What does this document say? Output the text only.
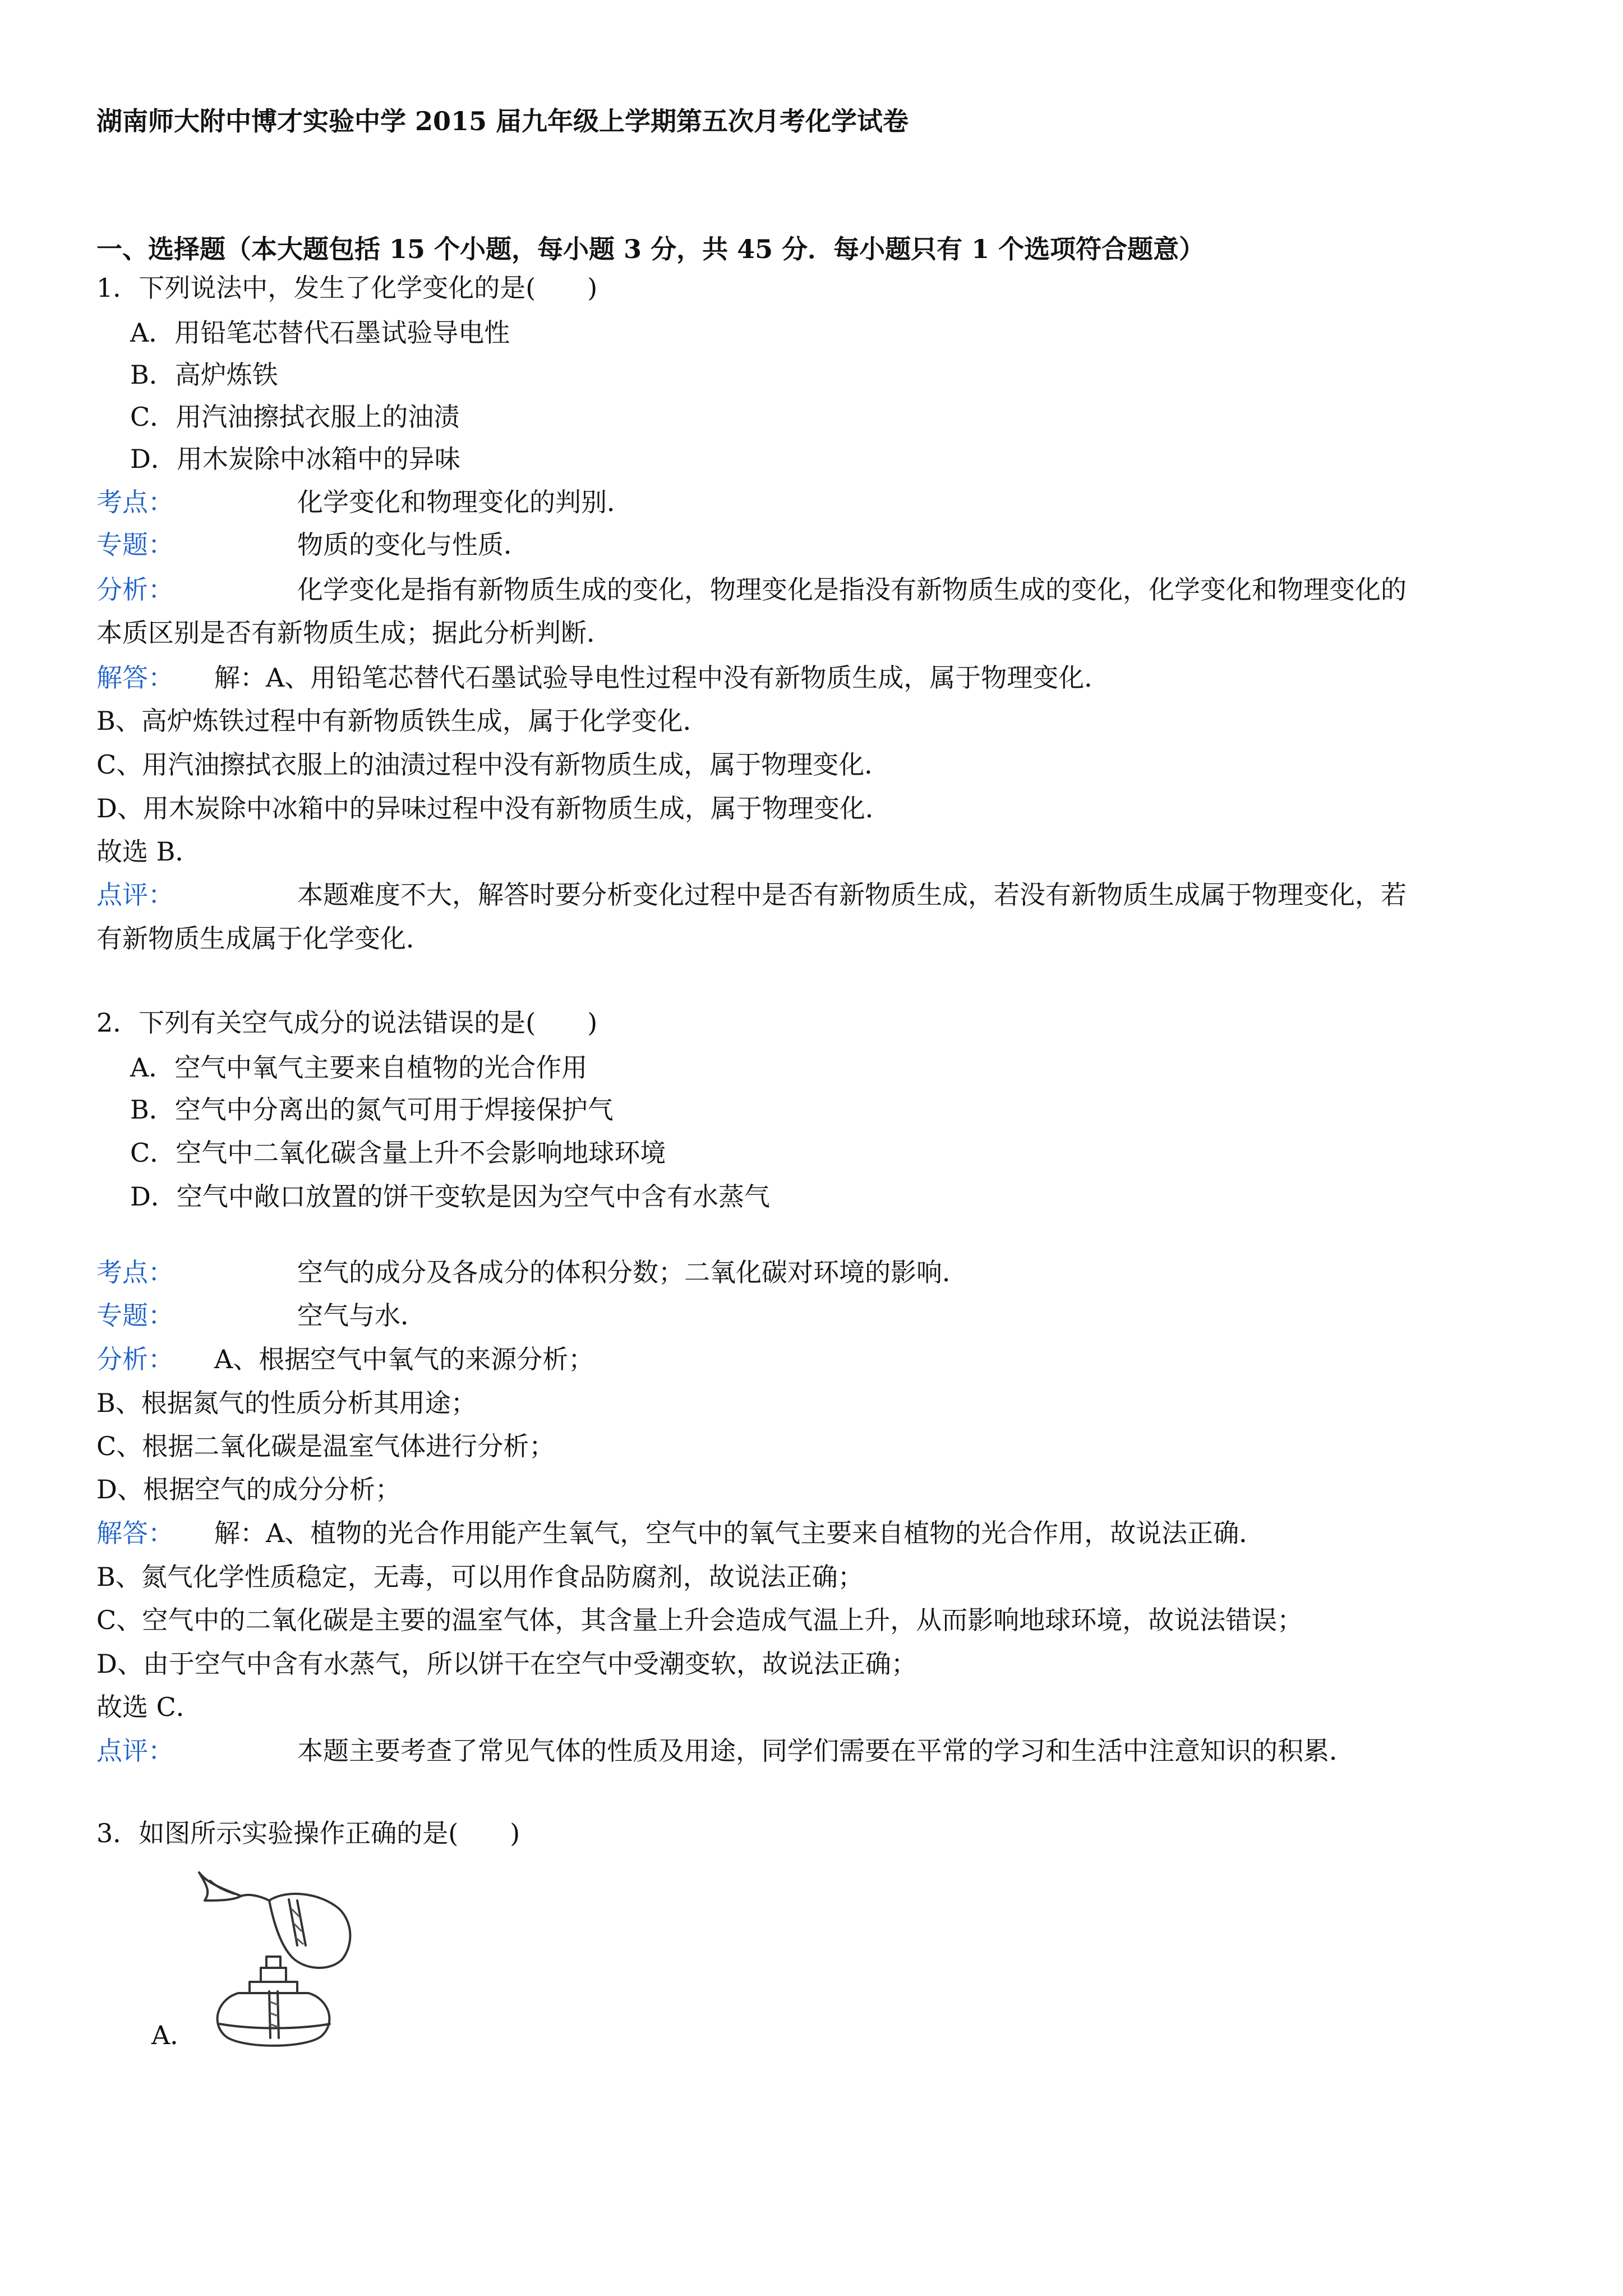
湖南师大附中博才实验中学 2015 届九年级上学期第五次月考化学试卷
一、选择题（本大题包括 15 个小题，每小题 3 分，共 45 分．每小题只有 1 个选项符合题意）
1．下列说法中，发生了化学变化的是(　　)
A．用铅笔芯替代石墨试验导电性
B．高炉炼铁
C．用汽油擦拭衣服上的油渍
D．用木炭除中冰箱中的异味
考点：	化学变化和物理变化的判别．
专题：	物质的变化与性质．
分析：	化学变化是指有新物质生成的变化，物理变化是指没有新物质生成的变化，化学变化和物理变化的
本质区别是否有新物质生成；据此分析判断．
解答： 解：A、用铅笔芯替代石墨试验导电性过程中没有新物质生成，属于物理变化．
B、高炉炼铁过程中有新物质铁生成，属于化学变化．
C、用汽油擦拭衣服上的油渍过程中没有新物质生成，属于物理变化．
D、用木炭除中冰箱中的异味过程中没有新物质生成，属于物理变化．
故选 B．
点评：	本题难度不大，解答时要分析变化过程中是否有新物质生成，若没有新物质生成属于物理变化，若
有新物质生成属于化学变化．
2．下列有关空气成分的说法错误的是(　　)
A．空气中氧气主要来自植物的光合作用
B．空气中分离出的氮气可用于焊接保护气
C．空气中二氧化碳含量上升不会影响地球环境
D．空气中敞口放置的饼干变软是因为空气中含有水蒸气
考点：	空气的成分及各成分的体积分数；二氧化碳对环境的影响．
专题：	空气与水．
分析： A、根据空气中氧气的来源分析；
B、根据氮气的性质分析其用途；
C、根据二氧化碳是温室气体进行分析；
D、根据空气的成分分析；
解答： 解：A、植物的光合作用能产生氧气，空气中的氧气主要来自植物的光合作用，故说法正确．
B、氮气化学性质稳定，无毒，可以用作食品防腐剂，故说法正确；
C、空气中的二氧化碳是主要的温室气体，其含量上升会造成气温上升，从而影响地球环境，故说法错误；
D、由于空气中含有水蒸气，所以饼干在空气中受潮变软，故说法正确；
故选 C．
点评：	本题主要考查了常见气体的性质及用途，同学们需要在平常的学习和生活中注意知识的积累．
3．如图所示实验操作正确的是(　　)
A．
